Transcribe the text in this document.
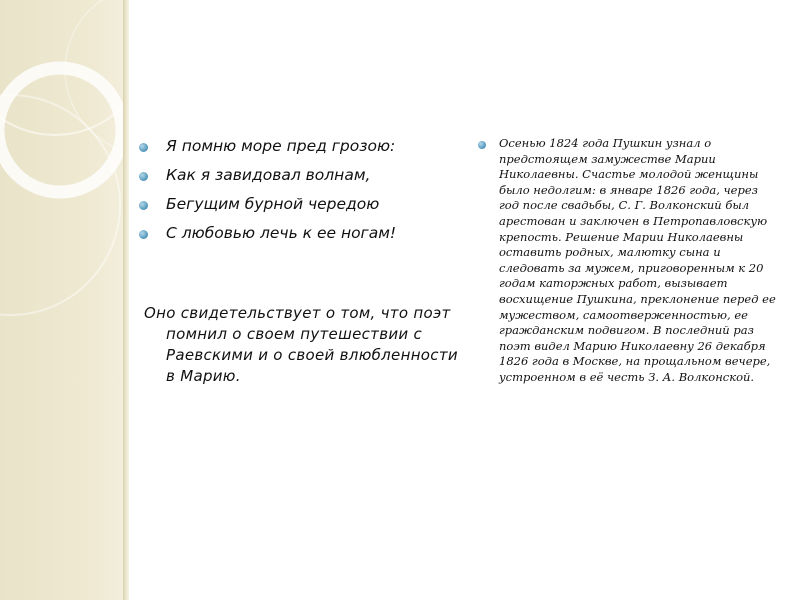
Я помню море пред грозою:
Как я завидовал волнам,
Бегущим бурной чередою
С любовью лечь к ее ногам!

Оно свидетельствует о том, что поэт помнил о своем путешествии с Раевскими и о своей влюбленности в Марию.

Осенью 1824 года Пушкин узнал о предстоящем замужестве Марии Николаевны. Счастье молодой женщины было недолгим: в январе 1826 года, через год после свадьбы, С. Г. Волконский был арестован и заключен в Петропавловскую крепость. Решение Марии Николаевны оставить родных, малютку сына и следовать за мужем, приговоренным к 20 годам каторжных работ, вызывает восхищение Пушкина, преклонение перед ее мужеством, самоотверженностью, ее гражданским подвигом. В последний раз поэт видел Марию Николаевну 26 декабря 1826 года в Москве, на прощальном вечере, устроенном в её честь З. А. Волконской.
